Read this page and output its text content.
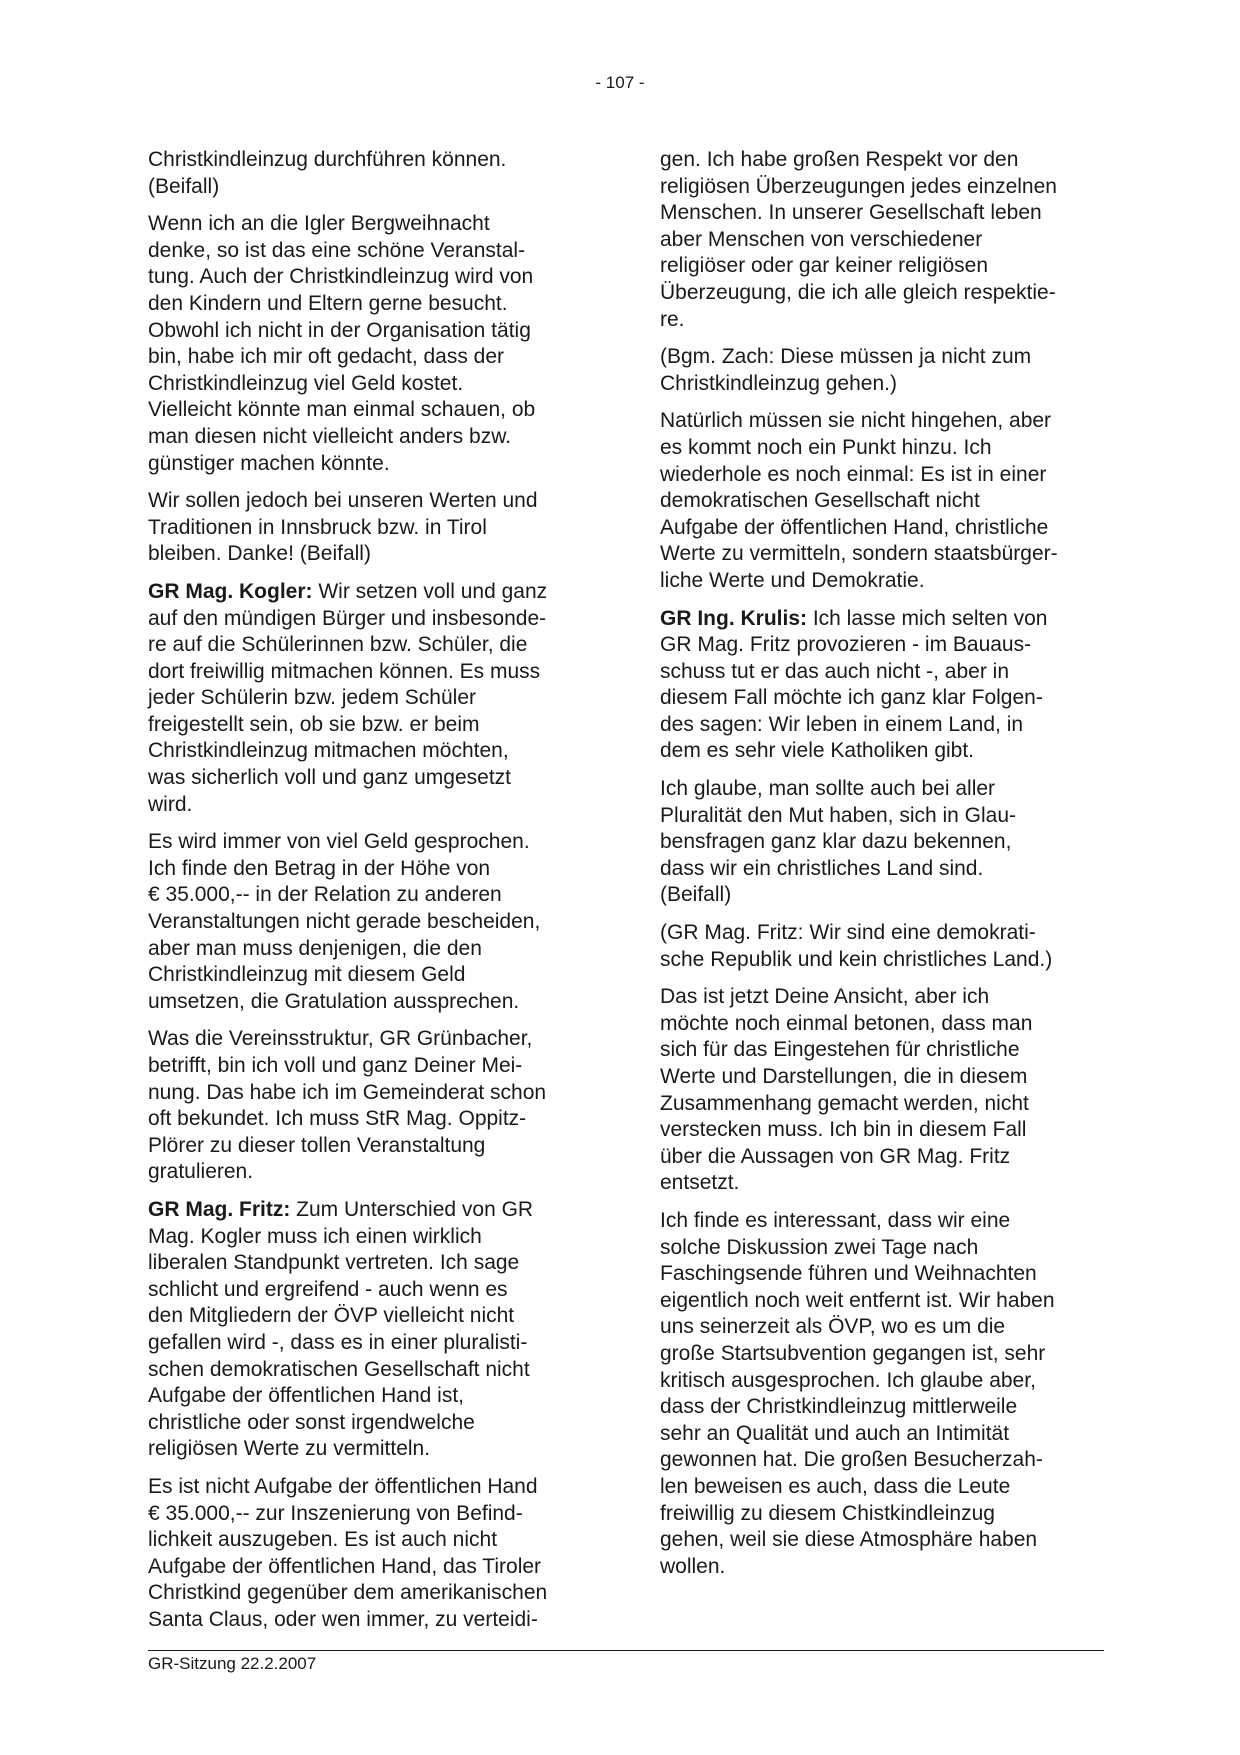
- 107 -
Christkindleinzug durchführen können.
(Beifall)
Wenn ich an die Igler Bergweihnacht
denke, so ist das eine schöne Veranstal-
tung. Auch der Christkindleinzug wird von
den Kindern und Eltern gerne besucht.
Obwohl ich nicht in der Organisation tätig
bin, habe ich mir oft gedacht, dass der
Christkindleinzug viel Geld kostet.
Vielleicht könnte man einmal schauen, ob
man diesen nicht vielleicht anders bzw.
günstiger machen könnte.
Wir sollen jedoch bei unseren Werten und
Traditionen in Innsbruck bzw. in Tirol
bleiben. Danke! (Beifall)
GR Mag. Kogler: Wir setzen voll und ganz
auf den mündigen Bürger und insbesonde-
re auf die Schülerinnen bzw. Schüler, die
dort freiwillig mitmachen können. Es muss
jeder Schülerin bzw. jedem Schüler
freigestellt sein, ob sie bzw. er beim
Christkindleinzug mitmachen möchten,
was sicherlich voll und ganz umgesetzt
wird.
Es wird immer von viel Geld gesprochen.
Ich finde den Betrag in der Höhe von
€ 35.000,-- in der Relation zu anderen
Veranstaltungen nicht gerade bescheiden,
aber man muss denjenigen, die den
Christkindleinzug mit diesem Geld
umsetzen, die Gratulation aussprechen.
Was die Vereinsstruktur, GR Grünbacher,
betrifft, bin ich voll und ganz Deiner Mei-
nung. Das habe ich im Gemeinderat schon
oft bekundet. Ich muss StR Mag. Oppitz-
Plörer zu dieser tollen Veranstaltung
gratulieren.
GR Mag. Fritz: Zum Unterschied von GR
Mag. Kogler muss ich einen wirklich
liberalen Standpunkt vertreten. Ich sage
schlicht und ergreifend - auch wenn es
den Mitgliedern der ÖVP vielleicht nicht
gefallen wird -, dass es in einer pluralisti-
schen demokratischen Gesellschaft nicht
Aufgabe der öffentlichen Hand ist,
christliche oder sonst irgendwelche
religiösen Werte zu vermitteln.
Es ist nicht Aufgabe der öffentlichen Hand
€ 35.000,-- zur Inszenierung von Befind-
lichkeit auszugeben. Es ist auch nicht
Aufgabe der öffentlichen Hand, das Tiroler
Christkind gegenüber dem amerikanischen
Santa Claus, oder wen immer, zu verteidi-
gen. Ich habe großen Respekt vor den
religiösen Überzeugungen jedes einzelnen
Menschen. In unserer Gesellschaft leben
aber Menschen von verschiedener
religiöser oder gar keiner religiösen
Überzeugung, die ich alle gleich respektie-
re.
(Bgm. Zach: Diese müssen ja nicht zum
Christkindleinzug gehen.)
Natürlich müssen sie nicht hingehen, aber
es kommt noch ein Punkt hinzu. Ich
wiederhole es noch einmal: Es ist in einer
demokratischen Gesellschaft nicht
Aufgabe der öffentlichen Hand, christliche
Werte zu vermitteln, sondern staatsbürger-
liche Werte und Demokratie.
GR Ing. Krulis: Ich lasse mich selten von
GR Mag. Fritz provozieren - im Bauaus-
schuss tut er das auch nicht -, aber in
diesem Fall möchte ich ganz klar Folgen-
des sagen: Wir leben in einem Land, in
dem es sehr viele Katholiken gibt.
Ich glaube, man sollte auch bei aller
Pluralität den Mut haben, sich in Glau-
bensfragen ganz klar dazu bekennen,
dass wir ein christliches Land sind.
(Beifall)
(GR Mag. Fritz: Wir sind eine demokrati-
sche Republik und kein christliches Land.)
Das ist jetzt Deine Ansicht, aber ich
möchte noch einmal betonen, dass man
sich für das Eingestehen für christliche
Werte und Darstellungen, die in diesem
Zusammenhang gemacht werden, nicht
verstecken muss. Ich bin in diesem Fall
über die Aussagen von GR Mag. Fritz
entsetzt.
Ich finde es interessant, dass wir eine
solche Diskussion zwei Tage nach
Faschingsende führen und Weihnachten
eigentlich noch weit entfernt ist. Wir haben
uns seinerzeit als ÖVP, wo es um die
große Startsubvention gegangen ist, sehr
kritisch ausgesprochen. Ich glaube aber,
dass der Christkindleinzug mittlerweile
sehr an Qualität und auch an Intimität
gewonnen hat. Die großen Besucherzah-
len beweisen es auch, dass die Leute
freiwillig zu diesem Chistkindleinzug
gehen, weil sie diese Atmosphäre haben
wollen.
GR-Sitzung 22.2.2007
